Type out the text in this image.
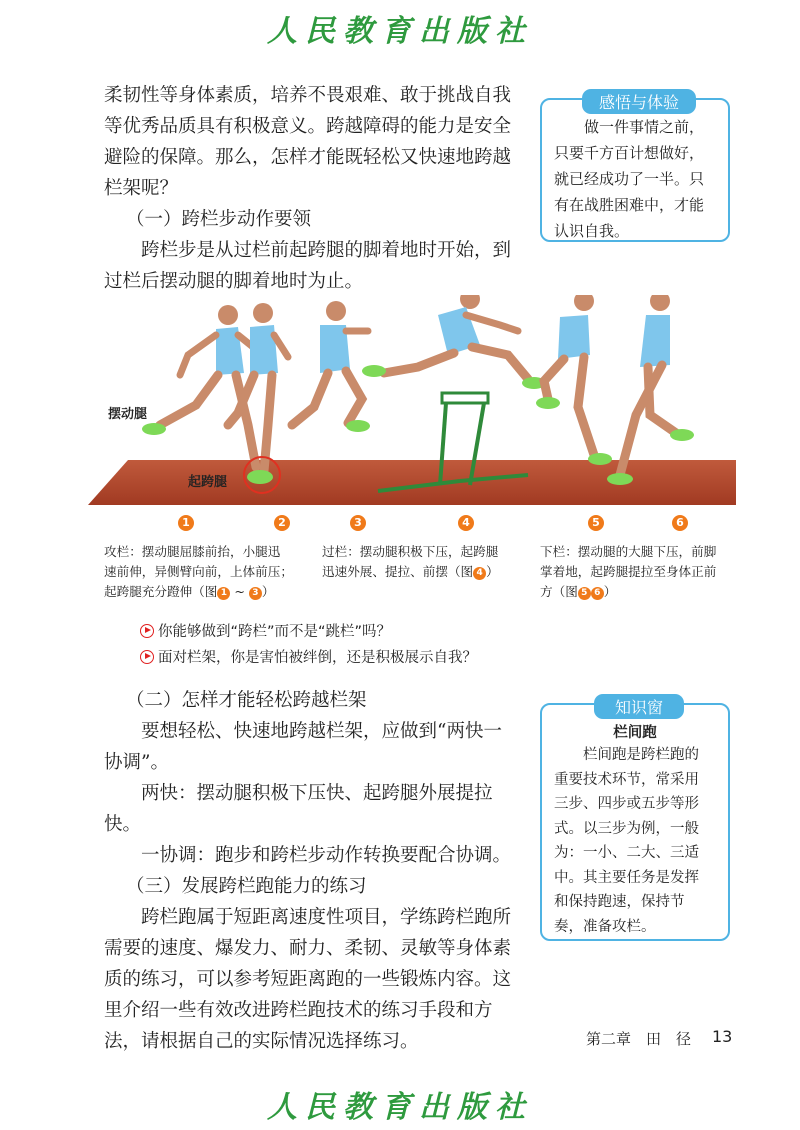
人民教育出版社

柔韧性等身体素质，培养不畏艰难、敢于挑战自我

等优秀品质具有积极意义。跨越障碍的能力是安全

避险的保障。那么，怎样才能既轻松又快速地跨越

栏架呢？

（一）跨栏步动作要领

跨栏步是从过栏前起跨腿的脚着地时开始，到

过栏后摆动腿的脚着地时为止。

感悟与体验
做一件事情之前，
只要千方百计想做好，
就已经成功了一半。只
有在战胜困难中，才能
认识自我。
摆动腿
起跨腿
1	2	3	4	5	6
攻栏：摆动腿屈膝前抬，小腿迅
速前伸，异侧臂向前，上体前压；
起跨腿充分蹬伸（图 1 ~ 3 ）
过栏：摆动腿积极下压，起跨腿
迅速外展、提拉、前摆（图 4 ）
下栏：摆动腿的大腿下压，前脚
掌着地，起跨腿提拉至身体正前
方（图 5 6 ）
你能够做到“跨栏”而不是“跳栏”吗？
面对栏架，你是害怕被绊倒，还是积极展示自我？

（二）怎样才能轻松跨越栏架

要想轻松、快速地跨越栏架，应做到“两快一

协调”。

两快：摆动腿积极下压快、起跨腿外展提拉快。

一协调：跑步和跨栏步动作转换要配合协调。

（三）发展跨栏跑能力的练习

跨栏跑属于短距离速度性项目，学练跨栏跑所

需要的速度、爆发力、耐力、柔韧、灵敏等身体素

质的练习，可以参考短距离跑的一些锻炼内容。这

里介绍一些有效改进跨栏跑技术的练习手段和方

法，请根据自己的实际情况选择练习。

知识窗
栏间跑
栏间跑是跨栏跑的
重要技术环节，常采用
三步、四步或五步等形
式。以三步为例，一般
为：一小、二大、三适
中。其主要任务是发挥
和保持跑速，保持节
奏，准备攻栏。
第二章　田　径 13
人民教育出版社
